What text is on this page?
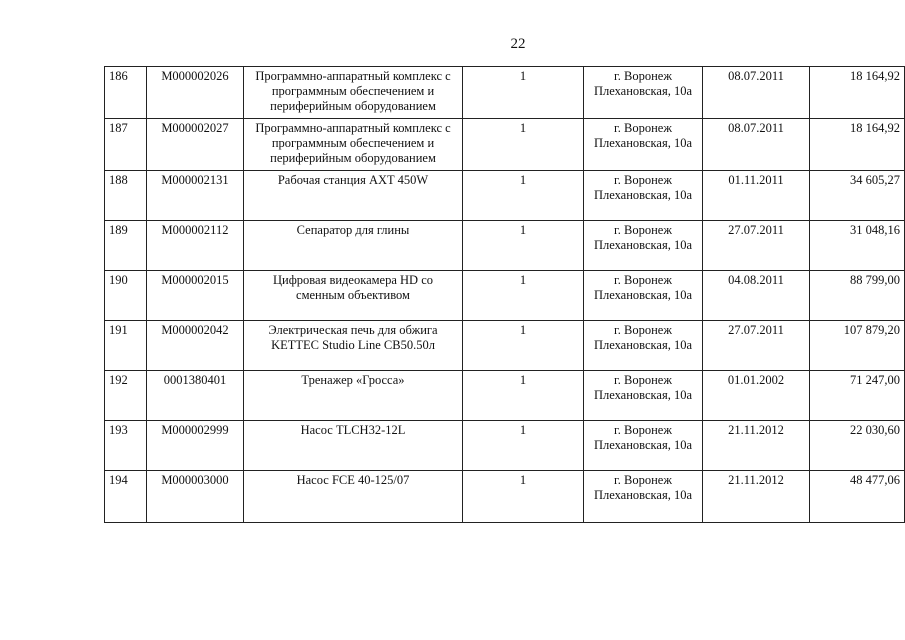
22
186	М000002026	Программно-аппаратный комплекс с программным обеспечением и периферийным оборудованием	1	г. Воронеж
Плехановская, 10а	08.07.2011	18 164,92
187	М000002027	Программно-аппаратный комплекс с программным обеспечением и периферийным оборудованием	1	г. Воронеж
Плехановская, 10а	08.07.2011	18 164,92
188	М000002131	Рабочая станция AXT 450W	1	г. Воронеж
Плехановская, 10а	01.11.2011	34 605,27
189	М000002112	Сепаратор для глины	1	г. Воронеж
Плехановская, 10а	27.07.2011	31 048,16
190	М000002015	Цифровая видеокамера HD со сменным объективом	1	г. Воронеж
Плехановская, 10а	04.08.2011	88 799,00
191	М000002042	Электрическая печь для обжига KETTEC Studio Line CB50.50л	1	г. Воронеж
Плехановская, 10а	27.07.2011	107 879,20
192	0001380401	Тренажер «Гросса»	1	г. Воронеж
Плехановская, 10а	01.01.2002	71 247,00
193	М000002999	Насос TLCH32-12L	1	г. Воронеж
Плехановская, 10а	21.11.2012	22 030,60
194	М000003000	Насос FCE 40-125/07	1	г. Воронеж
Плехановская, 10а	21.11.2012	48 477,06
